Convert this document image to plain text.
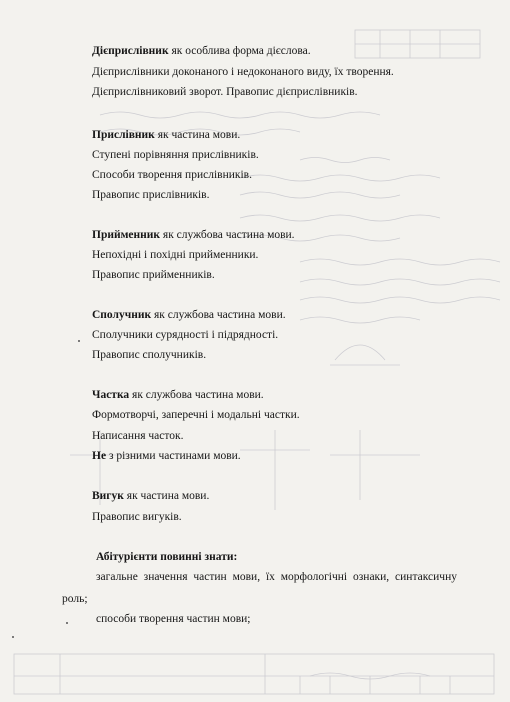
Дієприслівник як особлива форма дієслова.
Дієприслівники доконаного і недоконаного виду, їх творення.
Дієприслівниковий зворот. Правопис дієприслівників.
Прислівник як частина мови.
Ступені порівняння прислівників.
Способи творення прислівників.
Правопис прислівників.
Прийменник як службова частина мови.
Непохідні і похідні прийменники.
Правопис прийменників.
Сполучник як службова частина мови.
Сполучники сурядності і підрядності.
Правопис сполучників.
Частка як службова частина мови.
Формотворчі, заперечні і модальні частки.
Написання часток.
Не з різними частинами мови.
Вигук як частина мови.
Правопис вигуків.
Абітурієнти повинні знати:
загальне значення частин мови, їх морфологічні ознаки, синтаксичну
роль;
способи творення частин мови;
